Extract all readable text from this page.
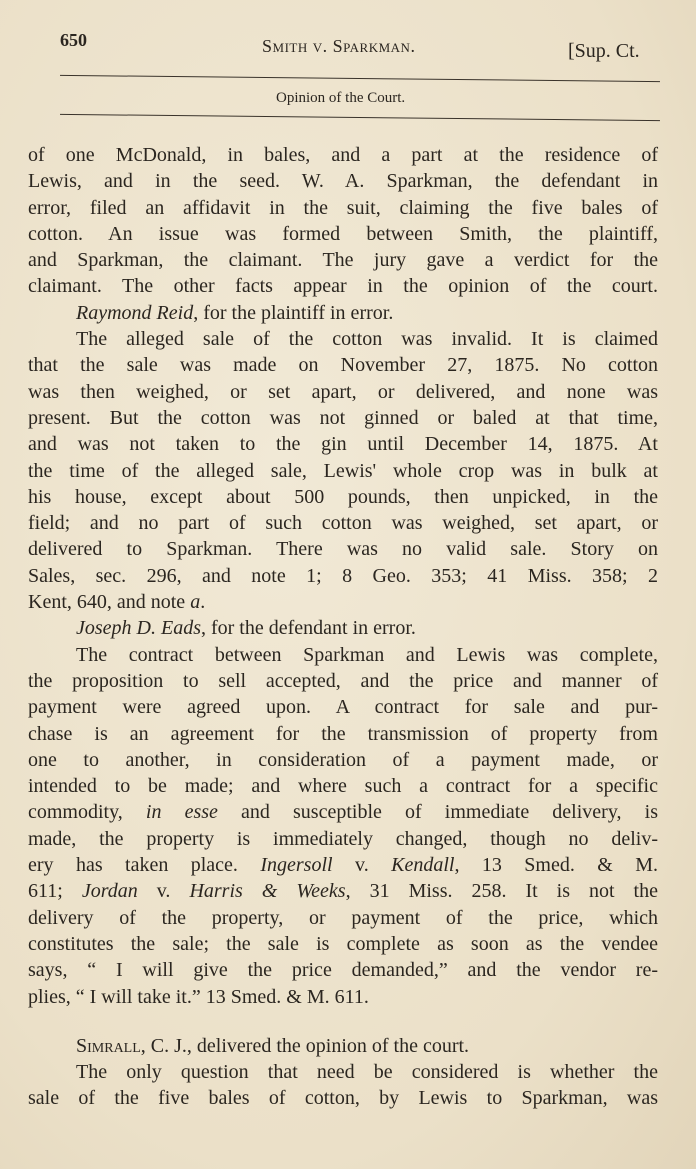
650	Smith v. Sparkman.	[Sup. Ct.
Opinion of the Court.
of one McDonald, in bales, and a part at the residence of
Lewis, and in the seed. W. A. Sparkman, the defendant in
error, filed an affidavit in the suit, claiming the five bales of
cotton. An issue was formed between Smith, the plaintiff,
and Sparkman, the claimant. The jury gave a verdict for the
claimant. The other facts appear in the opinion of the court.
Raymond Reid, for the plaintiff in error.
The alleged sale of the cotton was invalid. It is claimed
that the sale was made on November 27, 1875. No cotton
was then weighed, or set apart, or delivered, and none was
present. But the cotton was not ginned or baled at that time,
and was not taken to the gin until December 14, 1875. At
the time of the alleged sale, Lewis' whole crop was in bulk at
his house, except about 500 pounds, then unpicked, in the
field; and no part of such cotton was weighed, set apart, or
delivered to Sparkman. There was no valid sale. Story on
Sales, sec. 296, and note 1; 8 Geo. 353; 41 Miss. 358; 2
Kent, 640, and note a.
Joseph D. Eads, for the defendant in error.
The contract between Sparkman and Lewis was complete,
the proposition to sell accepted, and the price and manner of
payment were agreed upon. A contract for sale and pur-
chase is an agreement for the transmission of property from
one to another, in consideration of a payment made, or
intended to be made; and where such a contract for a specific
commodity, in esse and susceptible of immediate delivery, is
made, the property is immediately changed, though no deliv-
ery has taken place. Ingersoll v. Kendall, 13 Smed. & M.
611; Jordan v. Harris & Weeks, 31 Miss. 258. It is not the
delivery of the property, or payment of the price, which
constitutes the sale; the sale is complete as soon as the vendee
says, “ I will give the price demanded,” and the vendor re-
plies, “ I will take it.” 13 Smed. & M. 611.
Simrall, C. J., delivered the opinion of the court.
The only question that need be considered is whether the
sale of the five bales of cotton, by Lewis to Sparkman, was
